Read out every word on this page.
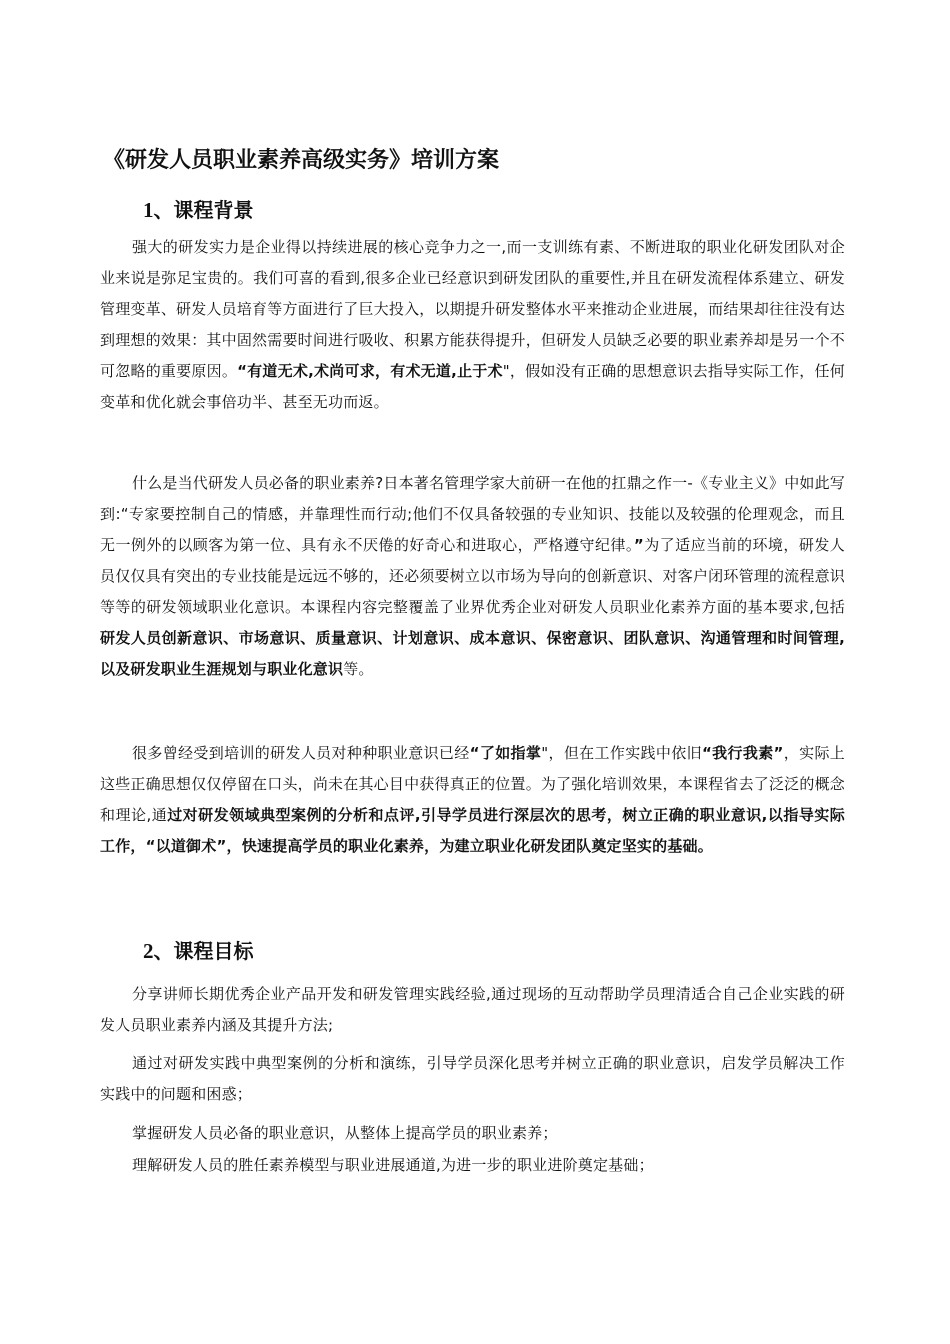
《研发人员职业素养高级实务》培训方案
1、课程背景

强大的研发实力是企业得以持续进展的核心竞争力之一,而一支训练有素、不断进取的职业化研发团队对企业来说是弥足宝贵的。我们可喜的看到,很多企业已经意识到研发团队的重要性,并且在研发流程体系建立、研发管理变革、研发人员培育等方面进行了巨大投入，以期提升研发整体水平来推动企业进展，而结果却往往没有达到理想的效果：其中固然需要时间进行吸收、积累方能获得提升，但研发人员缺乏必要的职业素养却是另一个不可忽略的重要原因。“有道无术,术尚可求，有术无道,止于术"，假如没有正确的思想意识去指导实际工作，任何变革和优化就会事倍功半、甚至无功而返。

什么是当代研发人员必备的职业素养?日本著名管理学家大前研一在他的扛鼎之作一-《专业主义》中如此写到:“专家要控制自己的情感，并靠理性而行动;他们不仅具备较强的专业知识、技能以及较强的伦理观念，而且无一例外的以顾客为第一位、具有永不厌倦的好奇心和进取心，严格遵守纪律。”为了适应当前的环境，研发人员仅仅具有突出的专业技能是远远不够的，还必须要树立以市场为导向的创新意识、对客户闭环管理的流程意识等等的研发领域职业化意识。本课程内容完整覆盖了业界优秀企业对研发人员职业化素养方面的基本要求,包括研发人员创新意识、市场意识、质量意识、计划意识、成本意识、保密意识、团队意识、沟通管理和时间管理,以及研发职业生涯规划与职业化意识等。

很多曾经受到培训的研发人员对种种职业意识已经“了如指掌"，但在工作实践中依旧“我行我素”，实际上这些正确思想仅仅停留在口头，尚未在其心目中获得真正的位置。为了强化培训效果，本课程省去了泛泛的概念和理论,通过对研发领域典型案例的分析和点评,引导学员进行深层次的思考，树立正确的职业意识,以指导实际工作，“以道御术”，快速提高学员的职业化素养，为建立职业化研发团队奠定坚实的基础。

2、课程目标

分享讲师长期优秀企业产品开发和研发管理实践经验,通过现场的互动帮助学员理清适合自己企业实践的研发人员职业素养内涵及其提升方法;

通过对研发实践中典型案例的分析和演练，引导学员深化思考并树立正确的职业意识，启发学员解决工作实践中的问题和困惑；

掌握研发人员必备的职业意识，从整体上提高学员的职业素养；

理解研发人员的胜任素养模型与职业进展通道,为进一步的职业进阶奠定基础；
